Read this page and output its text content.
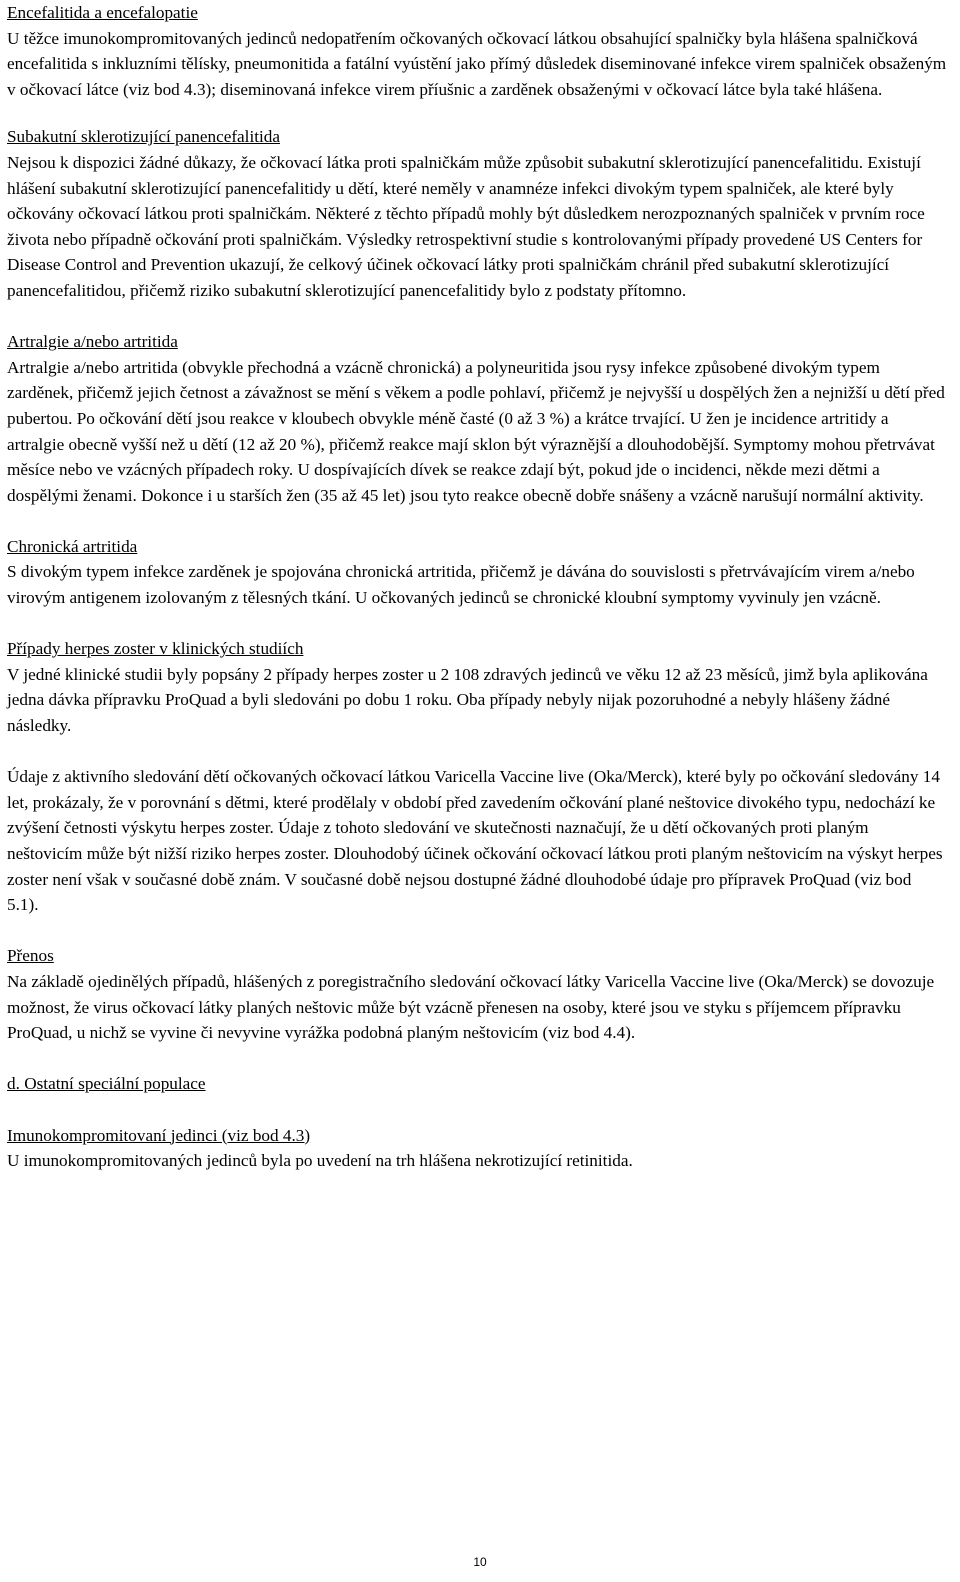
Encefalitida a encefalopatie
U těžce imunokompromitovaných jedinců nedopatřením očkovaných očkovací látkou obsahující spalničky byla hlášena spalničková encefalitida s inkluzními tělísky, pneumonitida a fatální vyústění jako přímý důsledek diseminované infekce virem spalniček obsaženým v očkovací látce (viz bod 4.3); diseminovaná infekce virem příušnic a zarděnek obsaženými v očkovací látce byla také hlášena.
Subakutní sklerotizující panencefalitida
Nejsou k dispozici žádné důkazy, že očkovací látka proti spalničkám může způsobit subakutní sklerotizující panencefalitidu. Existují hlášení subakutní sklerotizující panencefalitidy u dětí, které neměly v anamnéze infekci divokým typem spalniček, ale které byly očkovány očkovací látkou proti spalničkám. Některé z těchto případů mohly být důsledkem nerozpoznaných spalniček v prvním roce života nebo případně očkování proti spalničkám. Výsledky retrospektivní studie s kontrolovanými případy provedené US Centers for Disease Control and Prevention ukazují, že celkový účinek očkovací látky proti spalničkám chránil před subakutní sklerotizující panencefalitidou, přičemž riziko subakutní sklerotizující panencefalitidy bylo z podstaty přítomno.
Artralgie a/nebo artritida
Artralgie a/nebo artritida (obvykle přechodná a vzácně chronická) a polyneuritida jsou rysy infekce způsobené divokým typem zarděnek, přičemž jejich četnost a závažnost se mění s věkem a podle pohlaví, přičemž je nejvyšší u dospělých žen a nejnižší u dětí před pubertou. Po očkování dětí jsou reakce v kloubech obvykle méně časté (0 až 3 %) a krátce trvající. U žen je incidence artritidy a artralgie obecně vyšší než u dětí (12 až 20 %), přičemž reakce mají sklon být výraznější a dlouhodobější. Symptomy mohou přetrvávat měsíce nebo ve vzácných případech roky. U dospívajících dívek se reakce zdají být, pokud jde o incidenci, někde mezi dětmi a dospělými ženami. Dokonce i u starších žen (35 až 45 let) jsou tyto reakce obecně dobře snášeny a vzácně narušují normální aktivity.
Chronická artritida
S divokým typem infekce zarděnek je spojována chronická artritida, přičemž je dávána do souvislosti s přetrvávajícím virem a/nebo virovým antigenem izolovaným z tělesných tkání. U očkovaných jedinců se chronické kloubní symptomy vyvinuly jen vzácně.
Případy herpes zoster v klinických studiích
V jedné klinické studii byly popsány 2 případy herpes zoster u 2 108 zdravých jedinců ve věku 12 až 23 měsíců, jimž byla aplikována jedna dávka přípravku ProQuad a byli sledováni po dobu 1 roku. Oba případy nebyly nijak pozoruhodné a nebyly hlášeny žádné následky.
Údaje z aktivního sledování dětí očkovaných očkovací látkou Varicella Vaccine live (Oka/Merck), které byly po očkování sledovány 14 let, prokázaly, že v porovnání s dětmi, které prodělaly v období před zavedením očkování plané neštovice divokého typu, nedochází ke zvýšení četnosti výskytu herpes zoster. Údaje z tohoto sledování ve skutečnosti naznačují, že u dětí očkovaných proti planým neštovicím může být nižší riziko herpes zoster. Dlouhodobý účinek očkování očkovací látkou proti planým neštovicím na výskyt herpes zoster není však v současné době znám. V současné době nejsou dostupné žádné dlouhodobé údaje pro přípravek ProQuad (viz bod 5.1).
Přenos
Na základě ojedinělých případů, hlášených z poregistračního sledování očkovací látky Varicella Vaccine live (Oka/Merck) se dovozuje možnost, že virus očkovací látky planých neštovic může být vzácně přenesen na osoby, které jsou ve styku s příjemcem přípravku ProQuad, u nichž se vyvine či nevyvine vyrážka podobná planým neštovicím (viz bod 4.4).
d. Ostatní speciální populace
Imunokompromitovaní jedinci (viz bod 4.3)
U imunokompromitovaných jedinců byla po uvedení na trh hlášena nekrotizující retinitida.
10
